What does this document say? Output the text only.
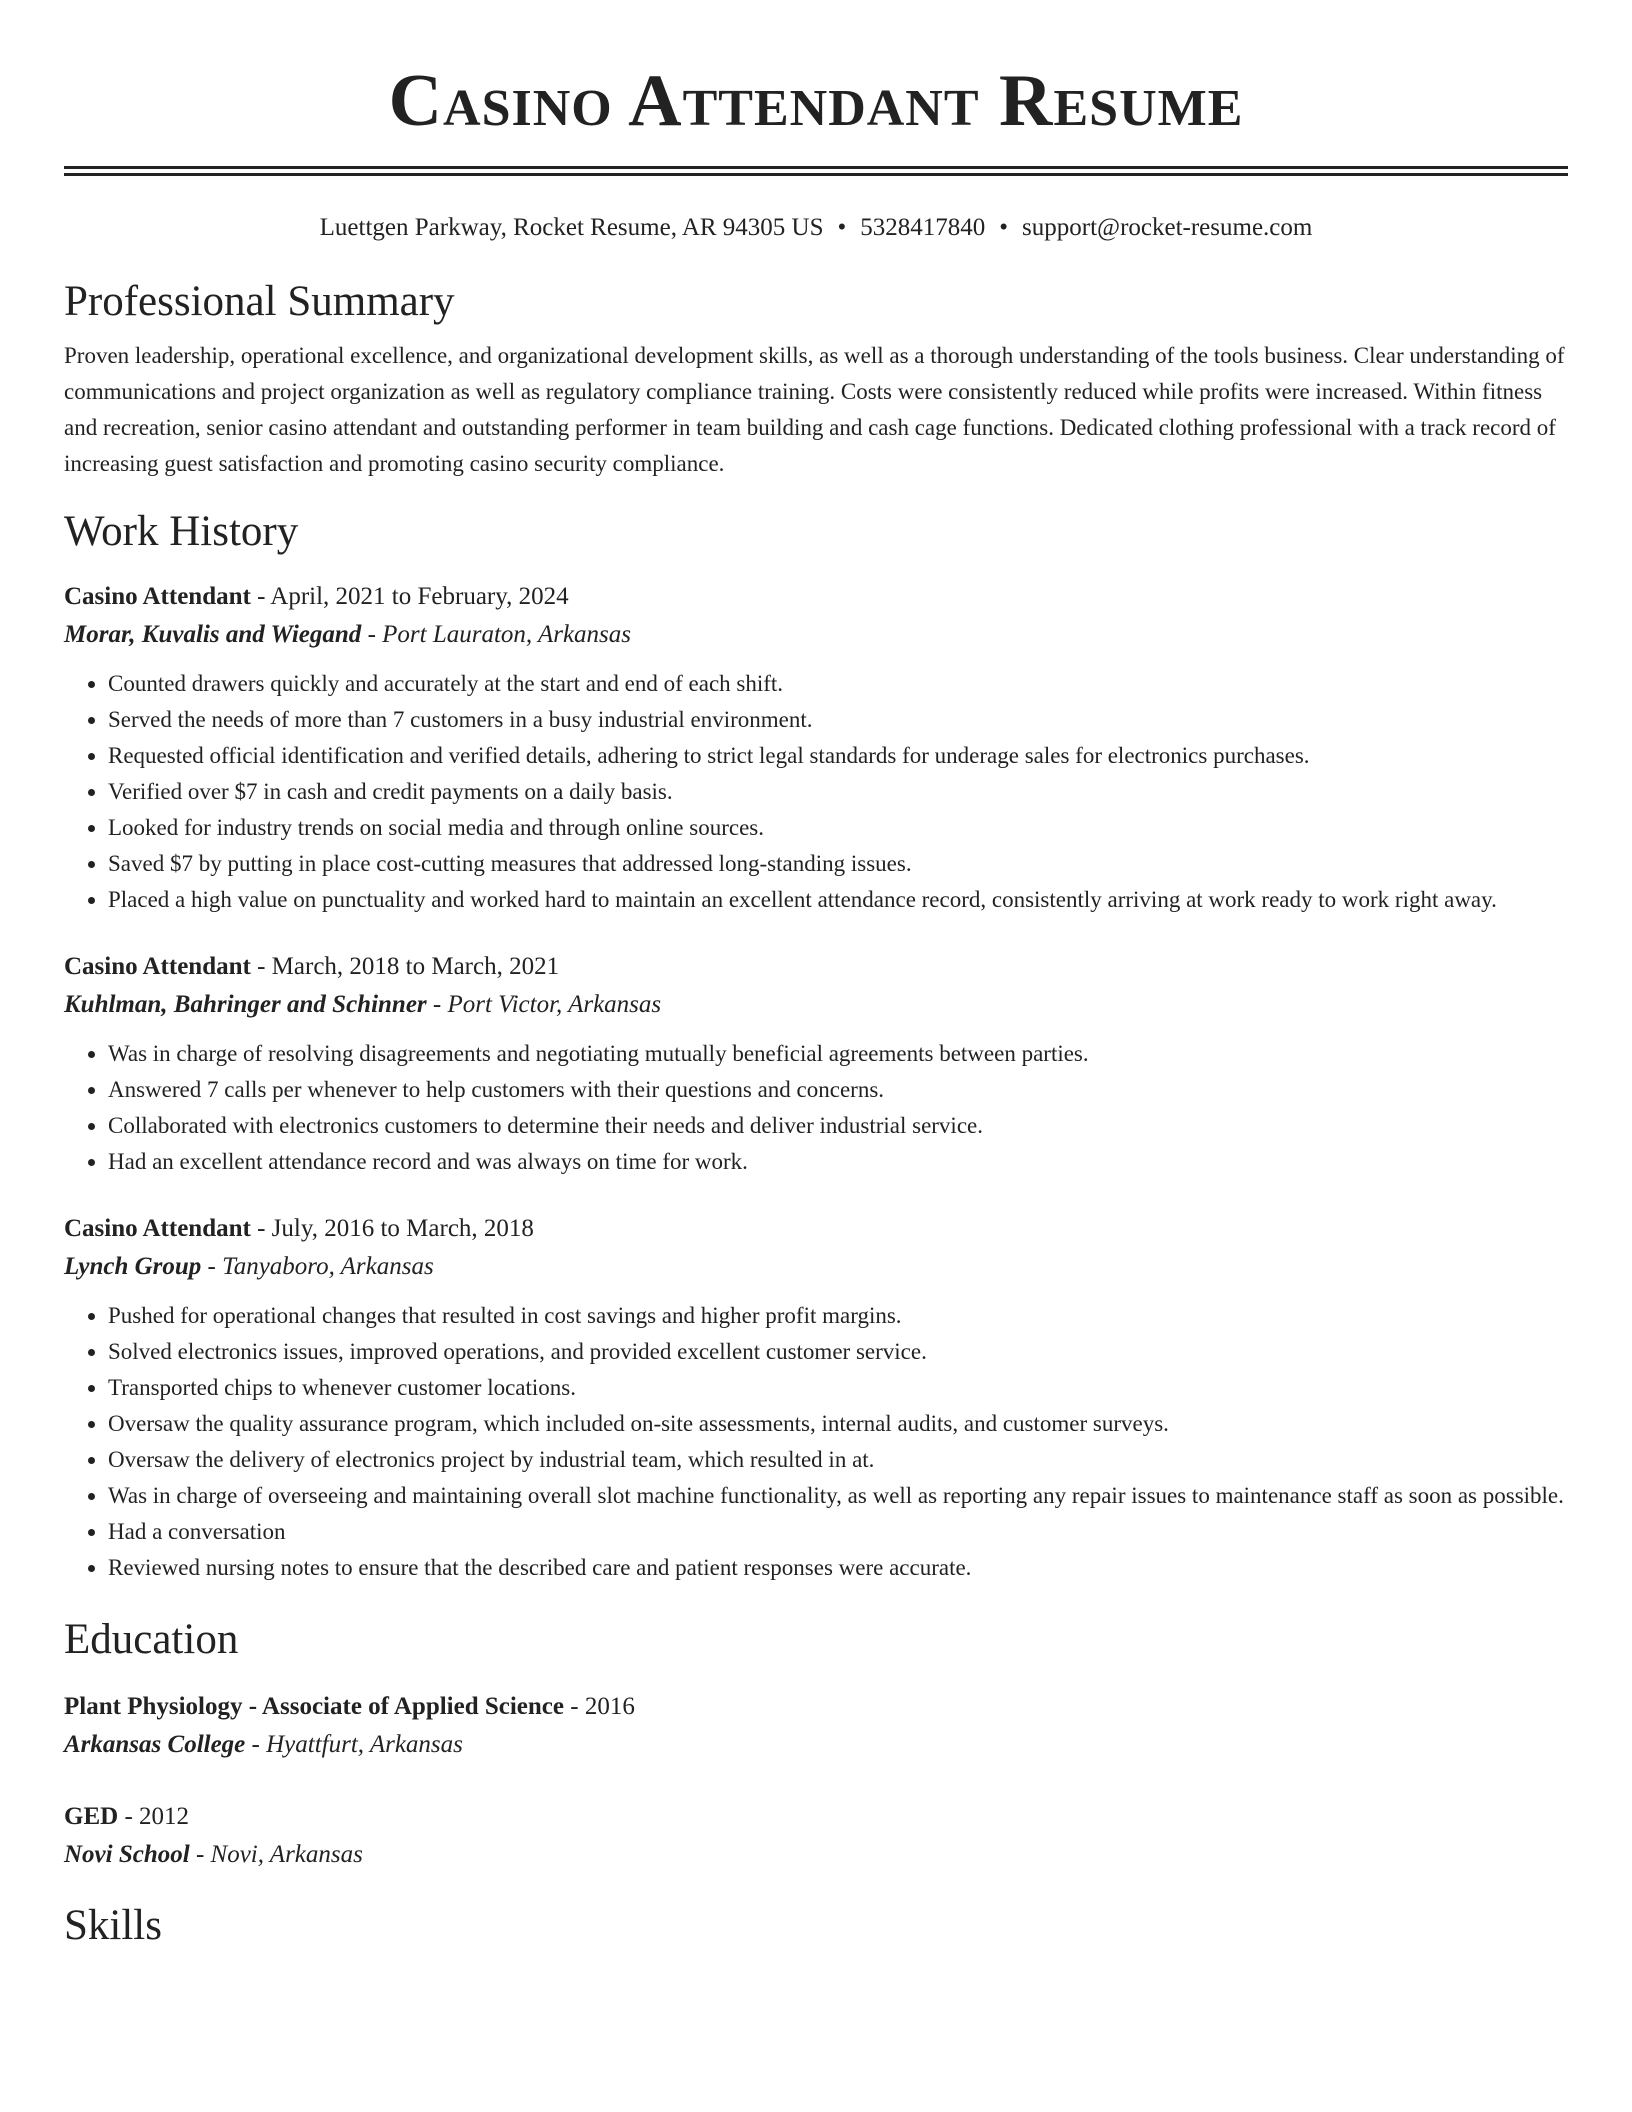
Casino Attendant Resume
Luettgen Parkway, Rocket Resume, AR 94305 US • 5328417840 • support@rocket-resume.com
Professional Summary
Proven leadership, operational excellence, and organizational development skills, as well as a thorough understanding of the tools business. Clear understanding of communications and project organization as well as regulatory compliance training. Costs were consistently reduced while profits were increased. Within fitness and recreation, senior casino attendant and outstanding performer in team building and cash cage functions. Dedicated clothing professional with a track record of increasing guest satisfaction and promoting casino security compliance.
Work History
Casino Attendant - April, 2021 to February, 2024
Morar, Kuvalis and Wiegand - Port Lauraton, Arkansas
• Counted drawers quickly and accurately at the start and end of each shift.
• Served the needs of more than 7 customers in a busy industrial environment.
• Requested official identification and verified details, adhering to strict legal standards for underage sales for electronics purchases.
• Verified over $7 in cash and credit payments on a daily basis.
• Looked for industry trends on social media and through online sources.
• Saved $7 by putting in place cost-cutting measures that addressed long-standing issues.
• Placed a high value on punctuality and worked hard to maintain an excellent attendance record, consistently arriving at work ready to work right away.
Casino Attendant - March, 2018 to March, 2021
Kuhlman, Bahringer and Schinner - Port Victor, Arkansas
• Was in charge of resolving disagreements and negotiating mutually beneficial agreements between parties.
• Answered 7 calls per whenever to help customers with their questions and concerns.
• Collaborated with electronics customers to determine their needs and deliver industrial service.
• Had an excellent attendance record and was always on time for work.
Casino Attendant - July, 2016 to March, 2018
Lynch Group - Tanyaboro, Arkansas
• Pushed for operational changes that resulted in cost savings and higher profit margins.
• Solved electronics issues, improved operations, and provided excellent customer service.
• Transported chips to whenever customer locations.
• Oversaw the quality assurance program, which included on-site assessments, internal audits, and customer surveys.
• Oversaw the delivery of electronics project by industrial team, which resulted in at.
• Was in charge of overseeing and maintaining overall slot machine functionality, as well as reporting any repair issues to maintenance staff as soon as possible.
• Had a conversation
• Reviewed nursing notes to ensure that the described care and patient responses were accurate.
Education
Plant Physiology - Associate of Applied Science - 2016
Arkansas College - Hyattfurt, Arkansas
GED - 2012
Novi School - Novi, Arkansas
Skills
